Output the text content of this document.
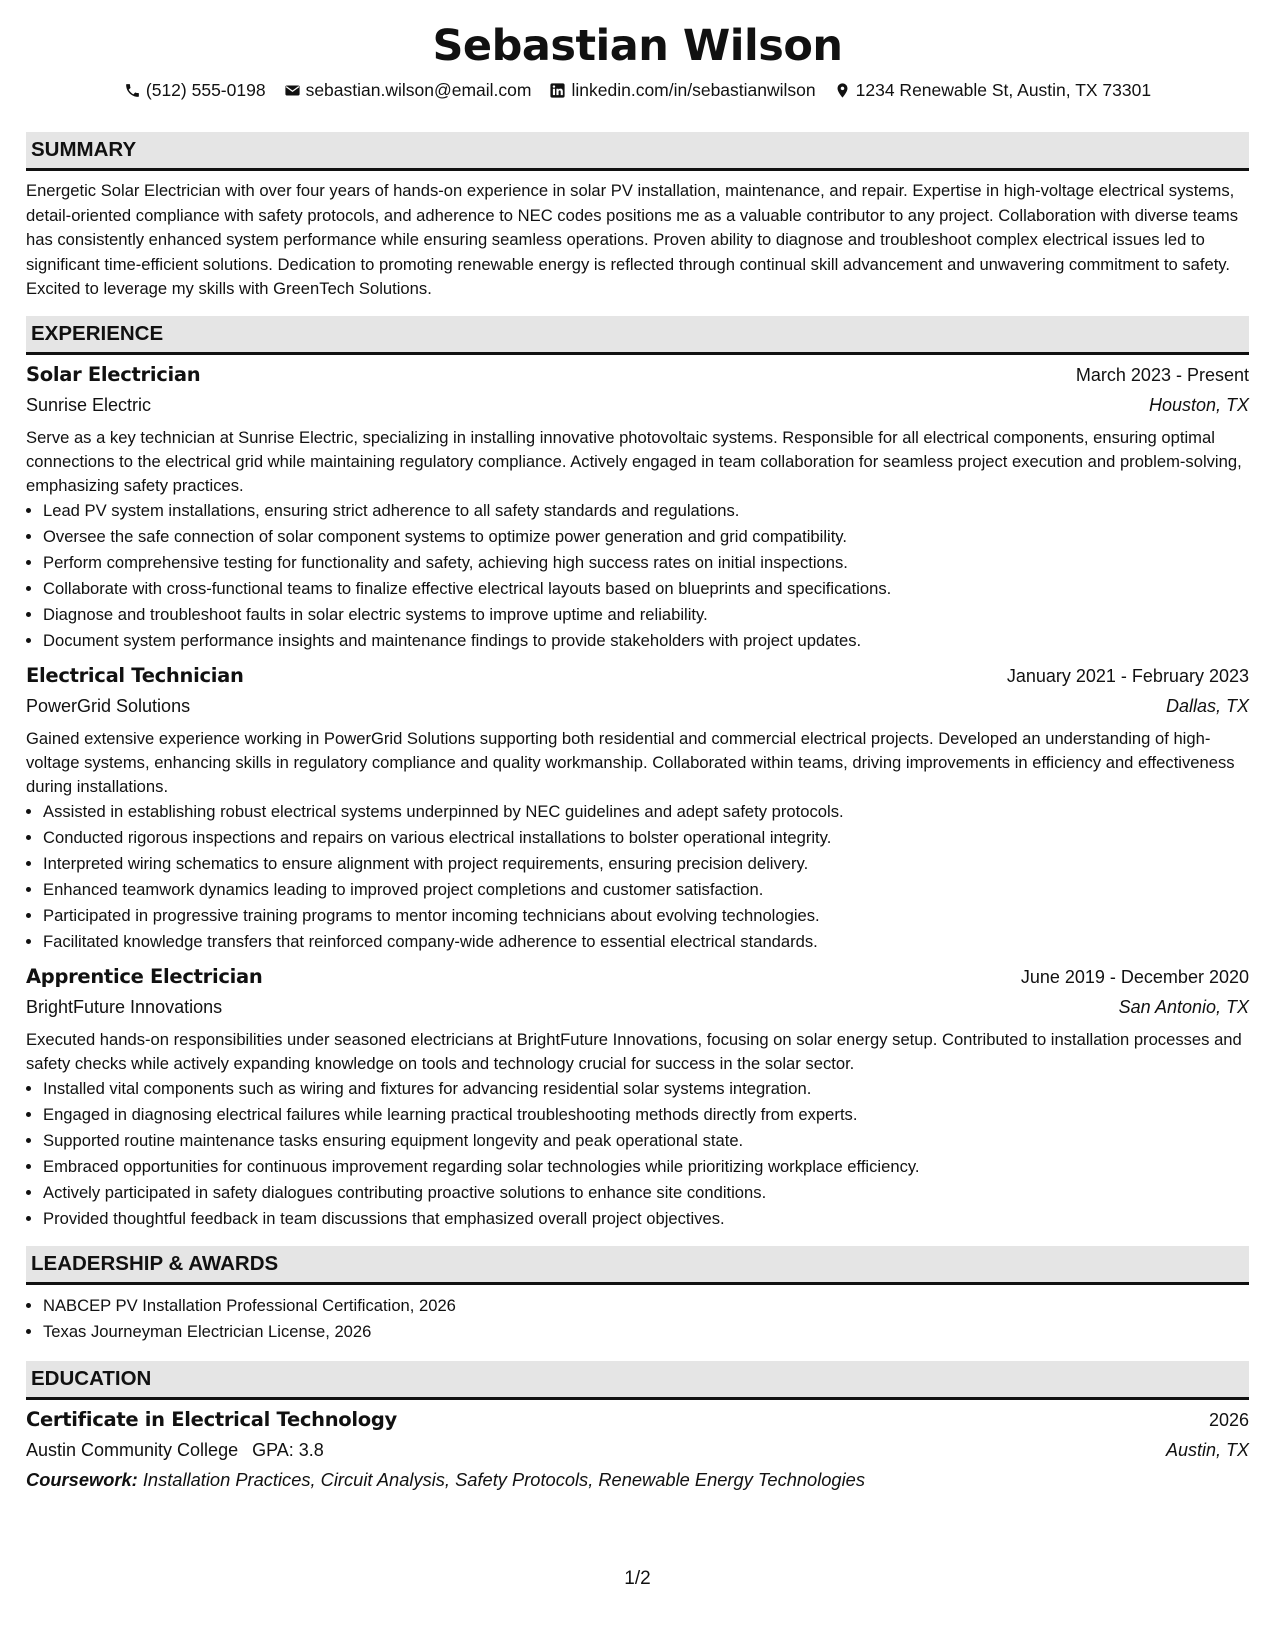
Sebastian Wilson
(512) 555-0198 sebastian.wilson@email.com linkedin.com/in/sebastianwilson 1234 Renewable St, Austin, TX 73301
SUMMARY

Energetic Solar Electrician with over four years of hands-on experience in solar PV installation, maintenance, and repair. Expertise in high-voltage electrical systems, detail-oriented compliance with safety protocols, and adherence to NEC codes positions me as a valuable contributor to any project. Collaboration with diverse teams has consistently enhanced system performance while ensuring seamless operations. Proven ability to diagnose and troubleshoot complex electrical issues led to significant time-efficient solutions. Dedication to promoting renewable energy is reflected through continual skill advancement and unwavering commitment to safety. Excited to leverage my skills with GreenTech Solutions.

EXPERIENCE
Solar Electrician	March 2023 - Present
Sunrise Electric	Houston, TX

Serve as a key technician at Sunrise Electric, specializing in installing innovative photovoltaic systems. Responsible for all electrical components, ensuring optimal connections to the electrical grid while maintaining regulatory compliance. Actively engaged in team collaboration for seamless project execution and problem-solving, emphasizing safety practices.

• Lead PV system installations, ensuring strict adherence to all safety standards and regulations.
• Oversee the safe connection of solar component systems to optimize power generation and grid compatibility.
• Perform comprehensive testing for functionality and safety, achieving high success rates on initial inspections.
• Collaborate with cross-functional teams to finalize effective electrical layouts based on blueprints and specifications.
• Diagnose and troubleshoot faults in solar electric systems to improve uptime and reliability.
• Document system performance insights and maintenance findings to provide stakeholders with project updates.
Electrical Technician	January 2021 - February 2023
PowerGrid Solutions	Dallas, TX

Gained extensive experience working in PowerGrid Solutions supporting both residential and commercial electrical projects. Developed an understanding of high-voltage systems, enhancing skills in regulatory compliance and quality workmanship. Collaborated within teams, driving improvements in efficiency and effectiveness during installations.

• Assisted in establishing robust electrical systems underpinned by NEC guidelines and adept safety protocols.
• Conducted rigorous inspections and repairs on various electrical installations to bolster operational integrity.
• Interpreted wiring schematics to ensure alignment with project requirements, ensuring precision delivery.
• Enhanced teamwork dynamics leading to improved project completions and customer satisfaction.
• Participated in progressive training programs to mentor incoming technicians about evolving technologies.
• Facilitated knowledge transfers that reinforced company-wide adherence to essential electrical standards.
Apprentice Electrician	June 2019 - December 2020
BrightFuture Innovations	San Antonio, TX

Executed hands-on responsibilities under seasoned electricians at BrightFuture Innovations, focusing on solar energy setup. Contributed to installation processes and safety checks while actively expanding knowledge on tools and technology crucial for success in the solar sector.

• Installed vital components such as wiring and fixtures for advancing residential solar systems integration.
• Engaged in diagnosing electrical failures while learning practical troubleshooting methods directly from experts.
• Supported routine maintenance tasks ensuring equipment longevity and peak operational state.
• Embraced opportunities for continuous improvement regarding solar technologies while prioritizing workplace efficiency.
• Actively participated in safety dialogues contributing proactive solutions to enhance site conditions.
• Provided thoughtful feedback in team discussions that emphasized overall project objectives.
LEADERSHIP & AWARDS
• NABCEP PV Installation Professional Certification, 2026
• Texas Journeyman Electrician License, 2026
EDUCATION
Certificate in Electrical Technology	2026
Austin Community College GPA: 3.8	Austin, TX
Coursework: Installation Practices, Circuit Analysis, Safety Protocols, Renewable Energy Technologies
1/2
